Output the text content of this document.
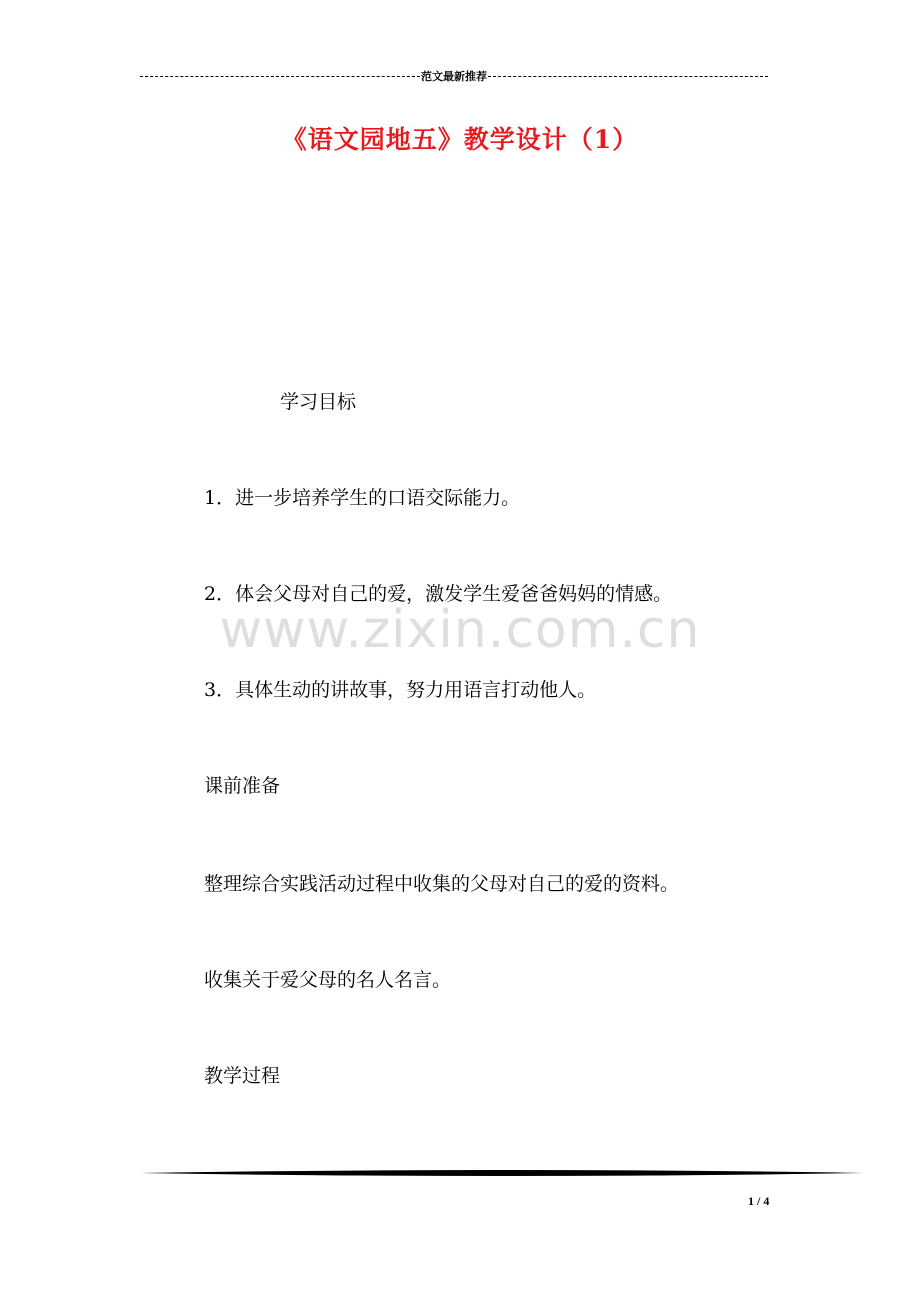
范文最新推荐
《语文园地五》教学设计（1）
学习目标
1．进一步培养学生的口语交际能力。
2．体会父母对自己的爱，激发学生爱爸爸妈妈的情感。
3．具体生动的讲故事，努力用语言打动他人。
课前准备
整理综合实践活动过程中收集的父母对自己的爱的资料。
收集关于爱父母的名人名言。
教学过程
www.zixin.com.cn
1 / 4
